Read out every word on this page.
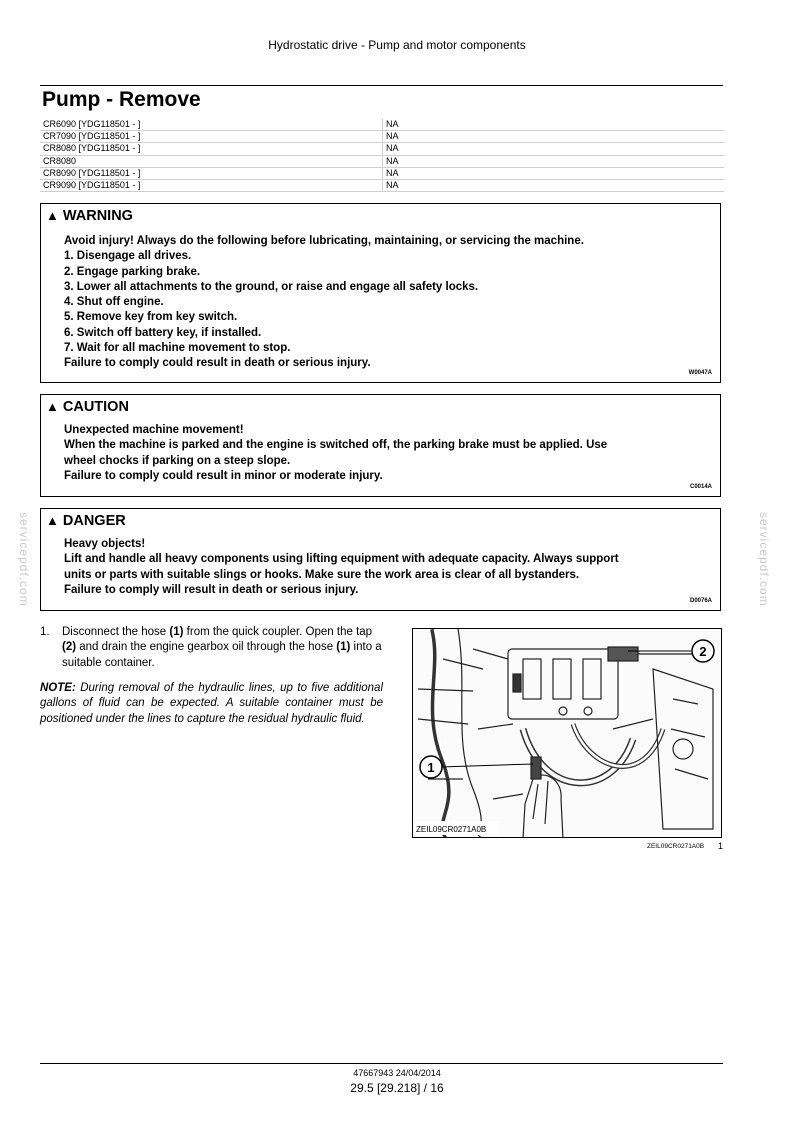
Hydrostatic drive - Pump and motor components
Pump - Remove
CR6090 [YDG118501 - ]	NA
CR7090 [YDG118501 - ]	NA
CR8080 [YDG118501 - ]	NA
CR8080	NA
CR8090 [YDG118501 - ]	NA
CR9090 [YDG118501 - ]	NA
▲ WARNING
Avoid injury! Always do the following before lubricating, maintaining, or servicing the machine.
1. Disengage all drives.
2. Engage parking brake.
3. Lower all attachments to the ground, or raise and engage all safety locks.
4. Shut off engine.
5. Remove key from key switch.
6. Switch off battery key, if installed.
7. Wait for all machine movement to stop.
Failure to comply could result in death or serious injury.
W0047A
▲ CAUTION
Unexpected machine movement!
When the machine is parked and the engine is switched off, the parking brake must be applied. Use
wheel chocks if parking on a steep slope.
Failure to comply could result in minor or moderate injury.
C0014A
▲ DANGER
Heavy objects!
Lift and handle all heavy components using lifting equipment with adequate capacity. Always support
units or parts with suitable slings or hooks. Make sure the work area is clear of all bystanders.
Failure to comply will result in death or serious injury.
D0076A
servicepdf.com	servicepdf.com
1. Disconnect the hose (1) from the quick coupler. Open the tap (2) and drain the engine gearbox oil through the hose (1) into a suitable container.
NOTE: During removal of the hydraulic lines, up to five additional gallons of fluid can be expected. A suitable container must be positioned under the lines to capture the residual hydraulic fluid.
1
2
ZEIL09CR0271A0B
ZEIL09CR0271A0B 1
47667943 24/04/2014
29.5 [29.218] / 16
